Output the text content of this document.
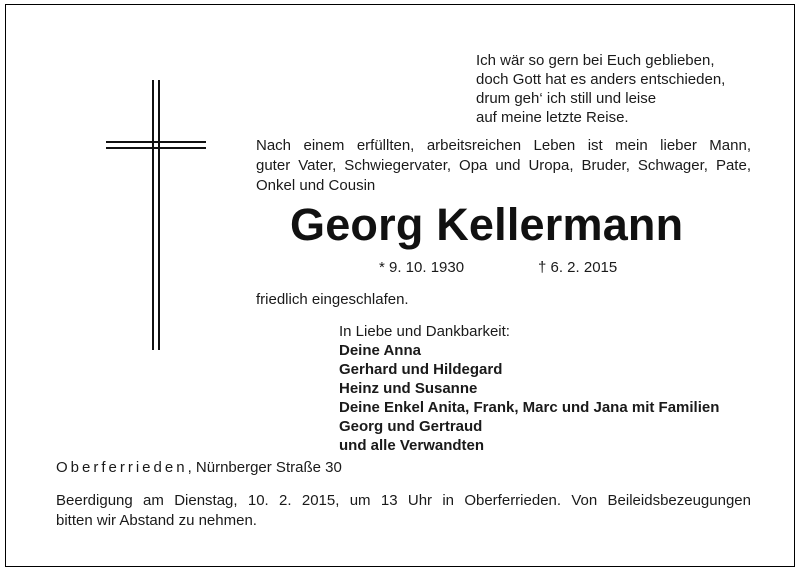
Ich wär so gern bei Euch geblieben,
doch Gott hat es anders entschieden,
drum geh‘ ich still und leise
auf meine letzte Reise.
Nach einem erfüllten, arbeitsreichen Leben ist mein lieber Mann,
guter Vater, Schwiegervater, Opa und Uropa, Bruder, Schwager, Pate,
Onkel und Cousin
Georg Kellermann
* 9. 10. 1930	† 6. 2. 2015
friedlich eingeschlafen.
In Liebe und Dankbarkeit:
Deine Anna
Gerhard und Hildegard
Heinz und Susanne
Deine Enkel Anita, Frank, Marc und Jana mit Familien
Georg und Gertraud
und alle Verwandten
Oberferrieden, Nürnberger Straße 30
Beerdigung am Dienstag, 10. 2. 2015, um 13 Uhr in Oberferrieden. Von Beileidsbezeugungen
bitten wir Abstand zu nehmen.
